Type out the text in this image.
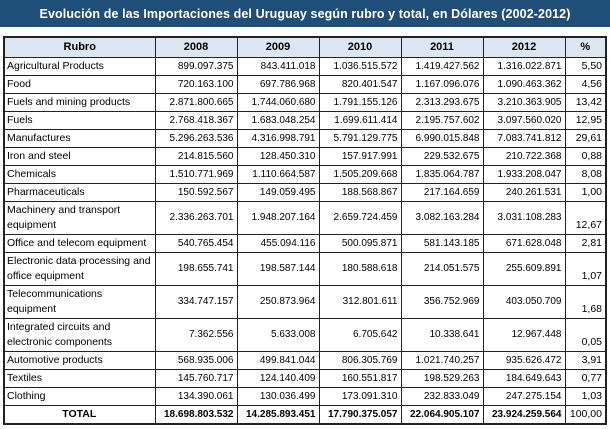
Evolución de las Importaciones del Uruguay según rubro y total, en Dólares (2002-2012)
Rubro	2008	2009	2010	2011	2012	%
Agricultural Products	899.097.375	843.411.018	1.036.515.572	1.419.427.562	1.316.022.871	5,50
Food	720.163.100	697.786.968	820.401.547	1.167.096.076	1.090.463.362	4,56
Fuels and mining products	2.871.800.665	1.744.060.680	1.791.155.126	2.313.293.675	3.210.363.905	13,42
Fuels	2.768.418.367	1.683.048.254	1.699.611.414	2.195.757.602	3.097.560.020	12,95
Manufactures	5.296.263.536	4.316.998.791	5.791.129.775	6.990.015.848	7.083.741.812	29,61
Iron and steel	214.815.560	128.450.310	157.917.991	229.532.675	210.722.368	0,88
Chemicals	1.510.771.969	1.110.664.587	1.505.209.668	1.835.064.787	1.933.208.047	8,08
Pharmaceuticals	150.592.567	149.059.495	188.568.867	217.164.659	240.261.531	1,00
Machinery and transport equipment	2.336.263.701	1.948.207.164	2.659.724.459	3.082.163.284	3.031.108.283	12,67
Office and telecom equipment	540.765.454	455.094.116	500.095.871	581.143.185	671.628.048	2,81
Electronic data processing and office equipment	198.655.741	198.587.144	180.588.618	214.051.575	255.609.891	1,07
Telecommunications equipment	334.747.157	250.873.964	312.801.611	356.752.969	403.050.709	1,68
Integrated circuits and electronic components	7.362.556	5.633.008	6.705.642	10.338.641	12.967.448	0,05
Automotive products	568.935.006	499.841.044	806.305.769	1.021.740.257	935.626.472	3,91
Textiles	145.760.717	124.140.409	160.551.817	198.529.263	184.649.643	0,77
Clothing	134.390.061	130.036.499	173.091.310	232.833.049	247.275.154	1,03
TOTAL	18.698.803.532	14.285.893.451	17.790.375.057	22.064.905.107	23.924.259.564	100,00
